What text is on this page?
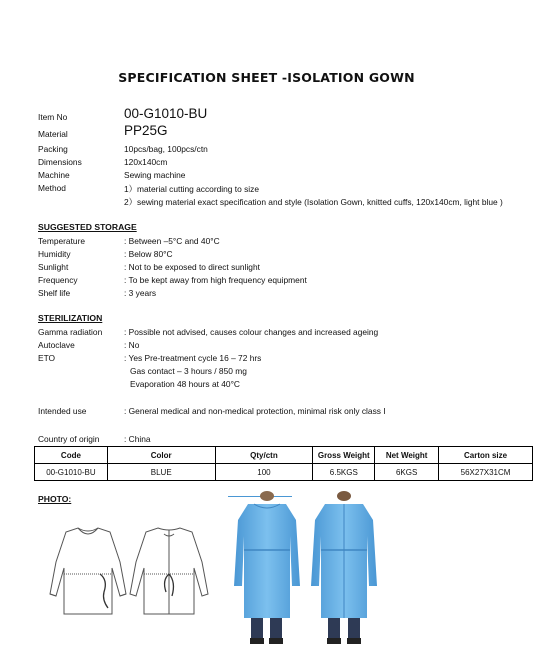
SPECIFICATION SHEET -ISOLATION GOWN
Item No	00-G1010-BU
Material	PP25G
Packing	10pcs/bag, 100pcs/ctn
Dimensions	120x140cm
Machine	Sewing machine
Method	1）material cutting according to size
2）sewing material exact specification and style (Isolation Gown, knitted cuffs, 120x140cm, light blue )
SUGGESTED STORAGE
Temperature	: Between –5°C and 40°C
Humidity	: Below 80°C
Sunlight	: Not to be exposed to direct sunlight
Frequency	: To be kept away from high frequency equipment
Shelf life	: 3 years
STERILIZATION
Gamma radiation	: Possible not advised, causes colour changes and increased ageing
Autoclave	: No
ETO	: Yes Pre-treatment cycle 16 – 72 hrs
Gas contact – 3 hours / 850 mg
Evaporation 48 hours at 40°C
Intended use	: General medical and non-medical protection, minimal risk only class I
Country of origin	: China
Code	Color	Qty/ctn	Gross Weight	Net Weight	Carton size
00-G1010-BU	BLUE	100	6.5KGS	6KGS	56X27X31CM
PHOTO:
